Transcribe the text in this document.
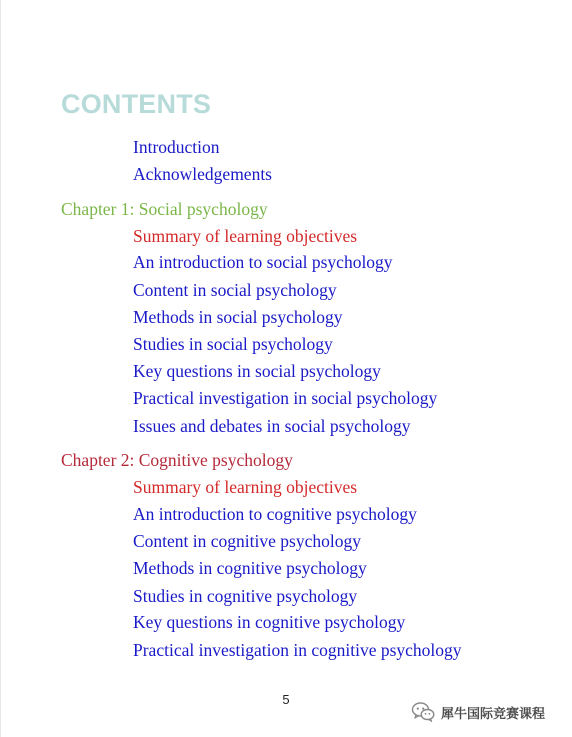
CONTENTS
Introduction
Acknowledgements
Chapter 1: Social psychology
Summary of learning objectives
An introduction to social psychology
Content in social psychology
Methods in social psychology
Studies in social psychology
Key questions in social psychology
Practical investigation in social psychology
Issues and debates in social psychology
Chapter 2: Cognitive psychology
Summary of learning objectives
An introduction to cognitive psychology
Content in cognitive psychology
Methods in cognitive psychology
Studies in cognitive psychology
Key questions in cognitive psychology
Practical investigation in cognitive psychology
5
犀牛国际竞赛课程
